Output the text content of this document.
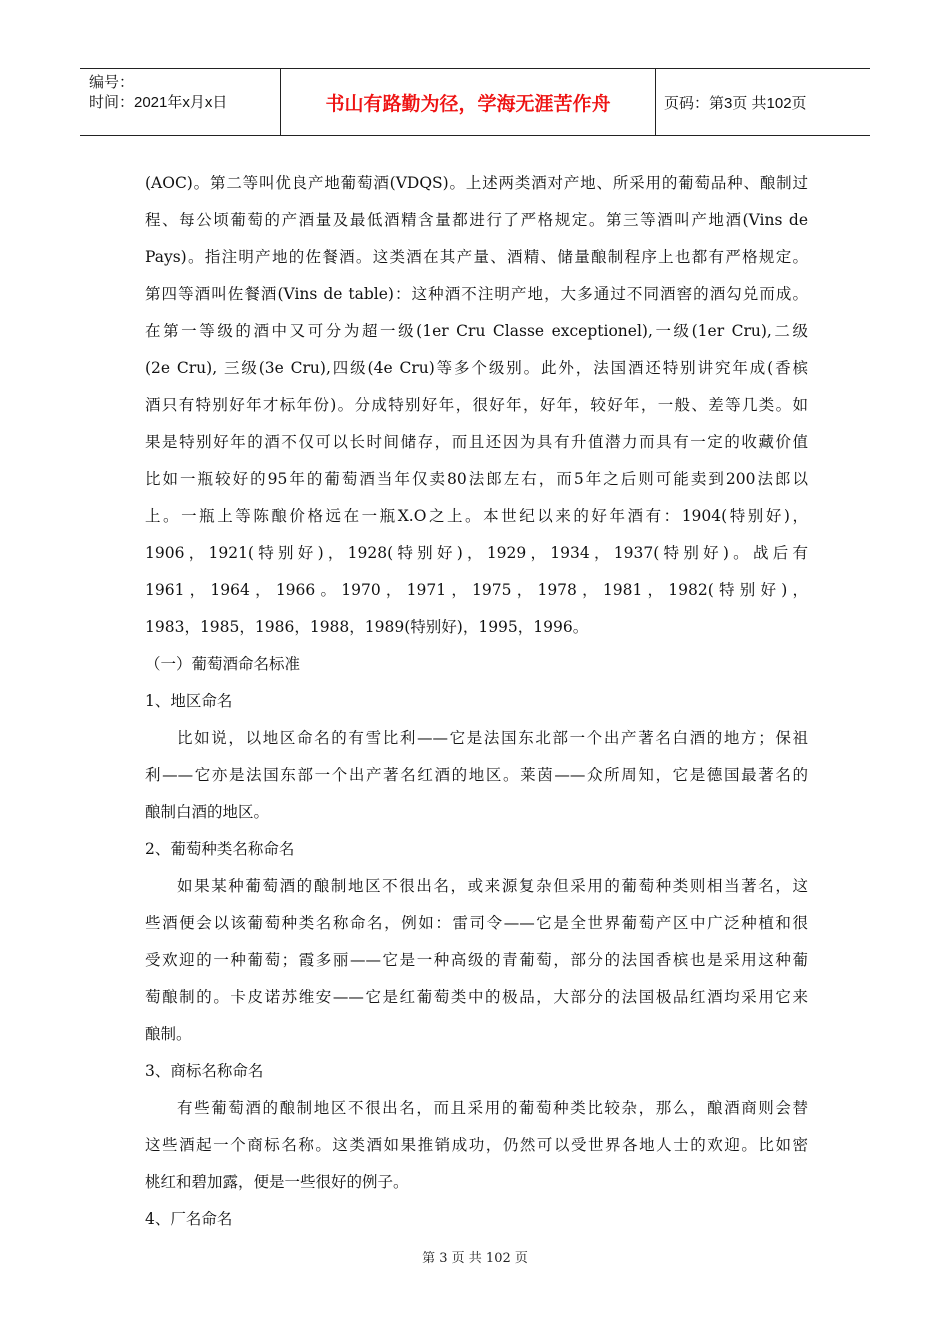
编号：
时间：2021年x月x日	书山有路勤为径，学海无涯苦作舟	页码：第3页 共102页

(AOC)。第二等叫优良产地葡萄酒(VDQS)。上述两类酒对产地、所采用的葡萄品种、酿制过

程、每公顷葡萄的产酒量及最低酒精含量都进行了严格规定。第三等酒叫产地酒(Vins de

Pays)。指注明产地的佐餐酒。这类酒在其产量、酒精、储量酿制程序上也都有严格规定。

第四等酒叫佐餐酒(Vins de table)：这种酒不注明产地，大多通过不同酒窖的酒勾兑而成。

在第一等级的酒中又可分为超一级(1er Cru Classe exceptionel),一级(1er Cru),二级

(2e Cru), 三级(3e Cru),四级(4e Cru)等多个级别。此外，法国酒还特别讲究年成(香槟

酒只有特别好年才标年份)。分成特别好年，很好年，好年，较好年，一般、差等几类。如

果是特别好年的酒不仅可以长时间储存，而且还因为具有升值潜力而具有一定的收藏价值

比如一瓶较好的95年的葡萄酒当年仅卖80法郎左右，而5年之后则可能卖到200法郎以

上。一瓶上等陈酿价格远在一瓶X.O之上。本世纪以来的好年酒有：1904(特别好)，

1906，1921(特别好)，1928(特别好)，1929，1934，1937(特别好)。战后有

1961，1964，1966。1970，1971，1975，1978，1981，1982(特别好)，

1983，1985，1986，1988，1989(特别好)，1995，1996。

（一）葡萄酒命名标准

1、地区命名

比如说，以地区命名的有雪比利——它是法国东北部一个出产著名白酒的地方；保祖

利——它亦是法国东部一个出产著名红酒的地区。莱茵——众所周知，它是德国最著名的

酿制白酒的地区。

2、葡萄种类名称命名

如果某种葡萄酒的酿制地区不很出名，或来源复杂但采用的葡萄种类则相当著名，这

些酒便会以该葡萄种类名称命名，例如：雷司令——它是全世界葡萄产区中广泛种植和很

受欢迎的一种葡萄；霞多丽——它是一种高级的青葡萄，部分的法国香槟也是采用这种葡

萄酿制的。卡皮诺苏维安——它是红葡萄类中的极品，大部分的法国极品红酒均采用它来

酿制。

3、商标名称命名

有些葡萄酒的酿制地区不很出名，而且采用的葡萄种类比较杂，那么，酿酒商则会替

这些酒起一个商标名称。这类酒如果推销成功，仍然可以受世界各地人士的欢迎。比如密

桃红和碧加露，便是一些很好的例子。

4、厂名命名

第 3 页 共 102 页
